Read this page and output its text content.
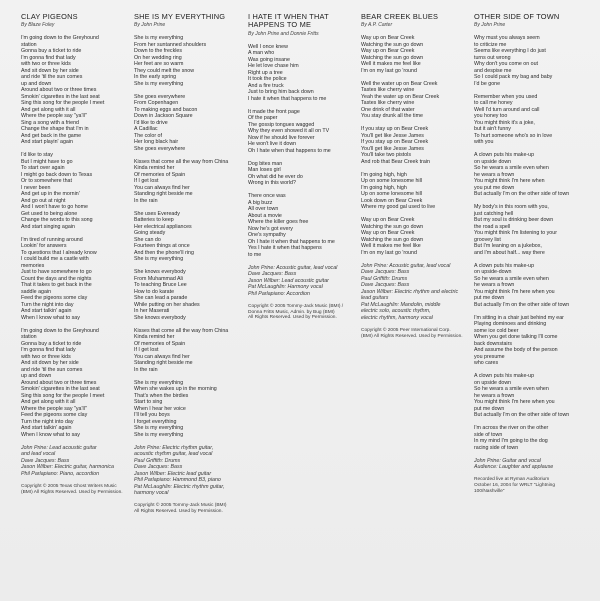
CLAY PIGEONS
By Blaze Foley
I'm going down to the Greyhound
station
Gonna buy a ticket to ride
I'm gonna find that lady
with two or three kids
And sit down by her side
and ride 'til the sun comes
up and down
Around about two or three times
Smokin' cigarettes in the last seat
Sing this song for the people I meet
And get along with it all
Where the people say "ya'll"
Sing a song with a friend
Change the shape that I'm in
And get back in the game
And start playin' again
I'd like to stay
But I might have to go
To start over again
I might go back down to Texas
Or to somewhere that
I never been
And get up in the mornin'
And go out at night
And I won't have to go home
Get used to being alone
Change the words to this song
And start singing again
I'm tired of running around
Lookin' for answers
To questions that I already know
I could build me a castle with
memories
Just to have somewhere to go
Count the days and the nights
That it takes to get back in the
saddle again
Feed the pigeons some clay
Turn the night into day
And start talkin' again
When I know what to say
I'm going down to the Greyhound
station
Gonna buy a ticket to ride
I'm gonna find that lady
with two or three kids
And sit down by her side
and ride 'til the sun comes
up and down
Around about two or three times
Smokin' cigarettes in the last seat
Sing this song for the people I meet
And get along with it all
Where the people say "ya'll"
Feed the pigeons some clay
Turn the night into day
And start talkin' again
When I know what to say
John Prine: Lead acoustic guitar
and lead vocal
Dave Jacques: Bass
Jason Wilber: Electric guitar, harmonica
Phil Parlapiano: Piano, accordion
Copyright © 2005 Texas Ghost Writers Music
(BMI) All Rights Reserved. Used by Permission.
SHE IS MY EVERYTHING
By John Prine
She is my everything
From her suntanned shoulders
Down to the freckles
On her wedding ring
Her feet are so warm
They could melt the snow
In the early spring
She is my everything
She goes everywhere
From Copenhagen
To making eggs and bacon
Down in Jackson Square
I'd like to drive
A Cadillac
The color of
Her long black hair
She goes everywhere
Kisses that come all the way from China
Kinda remind her
Of memories of Spain
If I get lost
You can always find her
Standing right beside me
In the rain
She uses Eveready
Batteries to keep
Her electrical appliances
Going steady
She can do
Fourteen things at once
And then the phone'll ring
She is my everything
She knows everybody
From Muhammad Ali
To teaching Bruce Lee
How to do karate
She can lead a parade
While putting on her shades
In her Maserati
She knows everybody
Kisses that come all the way from China
Kinda remind her
Of memories of Spain
If I get lost
You can always find her
Standing right beside me
In the rain
She is my everything
When she wakes up in the morning
That's when the birdies
Start to sing
When I hear her voice
I'll tell you boys
I forget everything
She is my everything
She is my everything
John Prine: Electric rhythm guitar,
acoustic rhythm guitar, lead vocal
Paul Griffith: Drums
Dave Jacques: Bass
Jason Wilber: Electric lead guitar
Phil Parlapiano: Hammond B3, piano
Pat McLaughlin: Electric rhythm guitar,
harmony vocal
Copyright © 2005 Tommy-Jack Music (BMI)
All Rights Reserved. Used by Permission.
I HATE IT WHEN THAT HAPPENS TO ME
By John Prine and Donnie Fritts
Well I once knew
A man who
Was going insane
He let love chase him
Right up a tree
It took the police
And a fire truck
Just to bring him back down
I hate it when that happens to me
It made the front page
Of the paper
The gossip tongues wagged
Why they even showed it all on TV
Now if he should live forever
He won't live it down
Oh I hate when that happens to me
Dog bites man
Man loses girl
Oh what did he ever do
Wrong in this world?
There once was
A big buzz
All over town
About a movie
Where the killer goes free
Now he's got every
One's sympathy
Oh I hate it when that happens to me
Yes I hate it when that happens
to me
John Prine: Acoustic guitar, lead vocal
Dave Jacques: Bass
Jason Wilber: Lead acoustic guitar
Pat McLaughlin: Harmony vocal
Phil Parlapiano: Accordion
Copyright © 2005 Tommy-Jack Music (BMI) /
Donna Fritts Music, Admin. by Bug (BMI)
All Rights Reserved. Used by Permission.
BEAR CREEK BLUES
By A.P. Carter
Way up on Bear Creek
Watching the sun go down
Way up on Bear Creek
Watching the sun go down
Well it makes me feel like
I'm on my last go 'round
Well the water up on Bear Creek
Tastes like cherry wine
Yeah the water up on Bear Creek
Tastes like cherry wine
One drink of that water
You stay drunk all the time
If you stay up on Bear Creek
You'll get like Jesse James
If you stay up on Bear Creek
You'll get like Jesse James
You'll take two pistols
And rob that Bear Creek train
I'm going high, high
Up on some lonesome hill
I'm going high, high
Up on some lonesome hill
Look down on Bear Creek
Where my good gal used to live
Way up on Bear Creek
Watching the sun go down
Way up on Bear Creek
Watching the sun go down
Well it makes me feel like
I'm on my last go 'round
John Prine: Acoustic guitar, lead vocal
Dave Jacques: Bass
Paul Griffith: Drums
Dave Jacques: Bass
Jason Wilber: Electric rhythm and electric
lead guitars
Pat McLaughlin: Mandolin, middle
electric solo, acoustic rhythm,
electric rhythm, harmony vocal
Copyright © 2005 Peer International Corp.
(BMI) All Rights Reserved. Used by Permission.
OTHER SIDE OF TOWN
By John Prine
Why must you always seem
to criticize me
Seems like everything I do just
turns out wrong
Why don't you come on out
and despise me
So I could pack my bag and baby
I'd be gone
Remember when you used
to call me honey
Well I'd turn around and call
you honey too
You might think it's a joke,
but it ain't funny
To hurt someone who's so in love
with you
A clown puts his make-up
on upside down
So he wears a smile even when
he wears a frown
You might think I'm here when
you put me down
But actually I'm on the other side of town
My body's in this room with you,
just catching hell
But my soul is drinking beer down
the road a spell
You might think I'm listening to your
groovey list
But I'm leaning on a jukebox,
and I'm about half... way there
A clown puts his make-up
on upside-down
So he wears a smile even when
he wears a frown
You might think I'm here when you
put me down
But actually I'm on the other side of town
I'm sitting in a chair just behind my ear
Playing dominoes and drinking
some ice cold beer
When you get done talking I'll come
back downstairs
And assume the body of the person
you presume
who cares
A clown puts his make-up
on upside down
So he wears a smile even when
he wears a frown
You might think I'm here when you
put me down
But actually I'm on the other side of town
I'm across the river on the other
side of town
In my mind I'm going to the dog
racing side of town
John Prine: Guitar and vocal
Audience: Laughter and applause
Recorded live at Ryman Auditorium
October 16, 2004 for WRLT "Lightning
100/Nashville"
